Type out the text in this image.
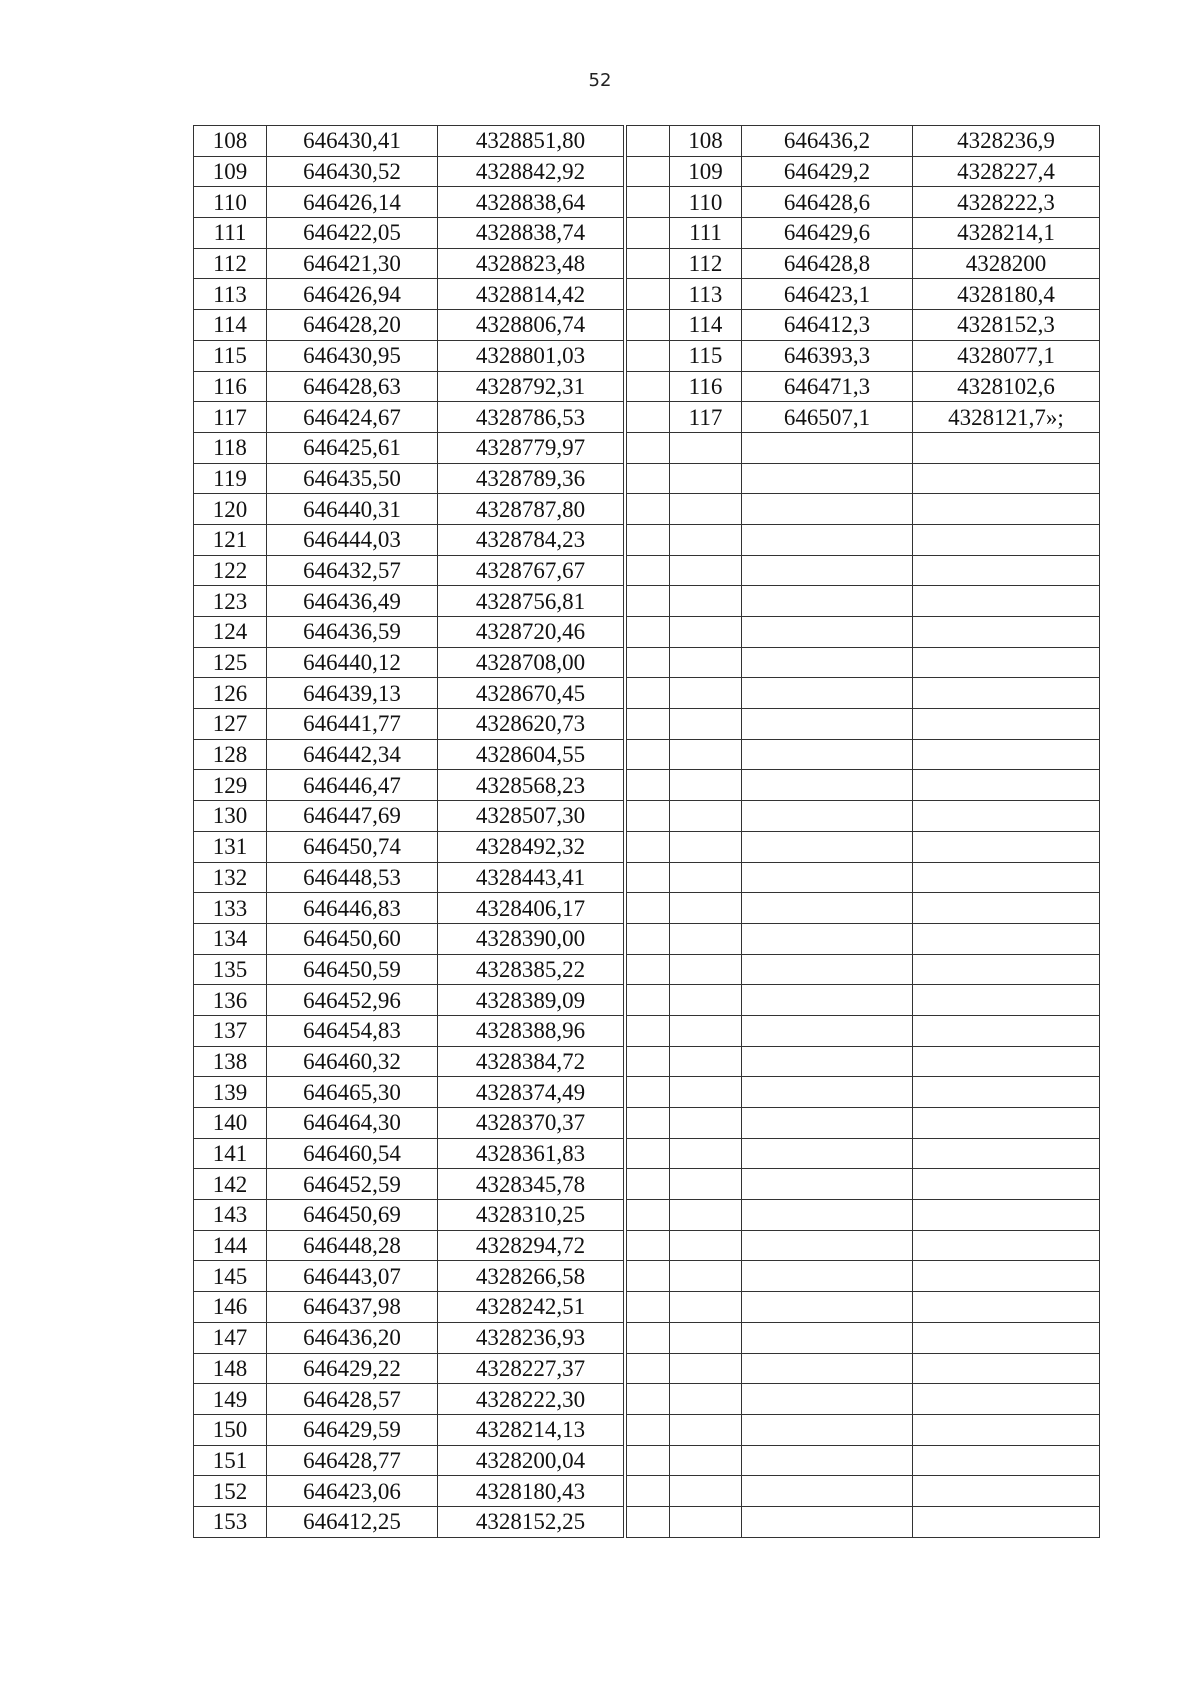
52
108	646430,41	4328851,80
109	646430,52	4328842,92
110	646426,14	4328838,64
111	646422,05	4328838,74
112	646421,30	4328823,48
113	646426,94	4328814,42
114	646428,20	4328806,74
115	646430,95	4328801,03
116	646428,63	4328792,31
117	646424,67	4328786,53
118	646425,61	4328779,97
119	646435,50	4328789,36
120	646440,31	4328787,80
121	646444,03	4328784,23
122	646432,57	4328767,67
123	646436,49	4328756,81
124	646436,59	4328720,46
125	646440,12	4328708,00
126	646439,13	4328670,45
127	646441,77	4328620,73
128	646442,34	4328604,55
129	646446,47	4328568,23
130	646447,69	4328507,30
131	646450,74	4328492,32
132	646448,53	4328443,41
133	646446,83	4328406,17
134	646450,60	4328390,00
135	646450,59	4328385,22
136	646452,96	4328389,09
137	646454,83	4328388,96
138	646460,32	4328384,72
139	646465,30	4328374,49
140	646464,30	4328370,37
141	646460,54	4328361,83
142	646452,59	4328345,78
143	646450,69	4328310,25
144	646448,28	4328294,72
145	646443,07	4328266,58
146	646437,98	4328242,51
147	646436,20	4328236,93
148	646429,22	4328227,37
149	646428,57	4328222,30
150	646429,59	4328214,13
151	646428,77	4328200,04
152	646423,06	4328180,43
153	646412,25	4328152,25

108	646436,2	4328236,9
109	646429,2	4328227,4
110	646428,6	4328222,3
111	646429,6	4328214,1
112	646428,8	4328200
113	646423,1	4328180,4
114	646412,3	4328152,3
115	646393,3	4328077,1
116	646471,3	4328102,6
117	646507,1	4328121,7»;
